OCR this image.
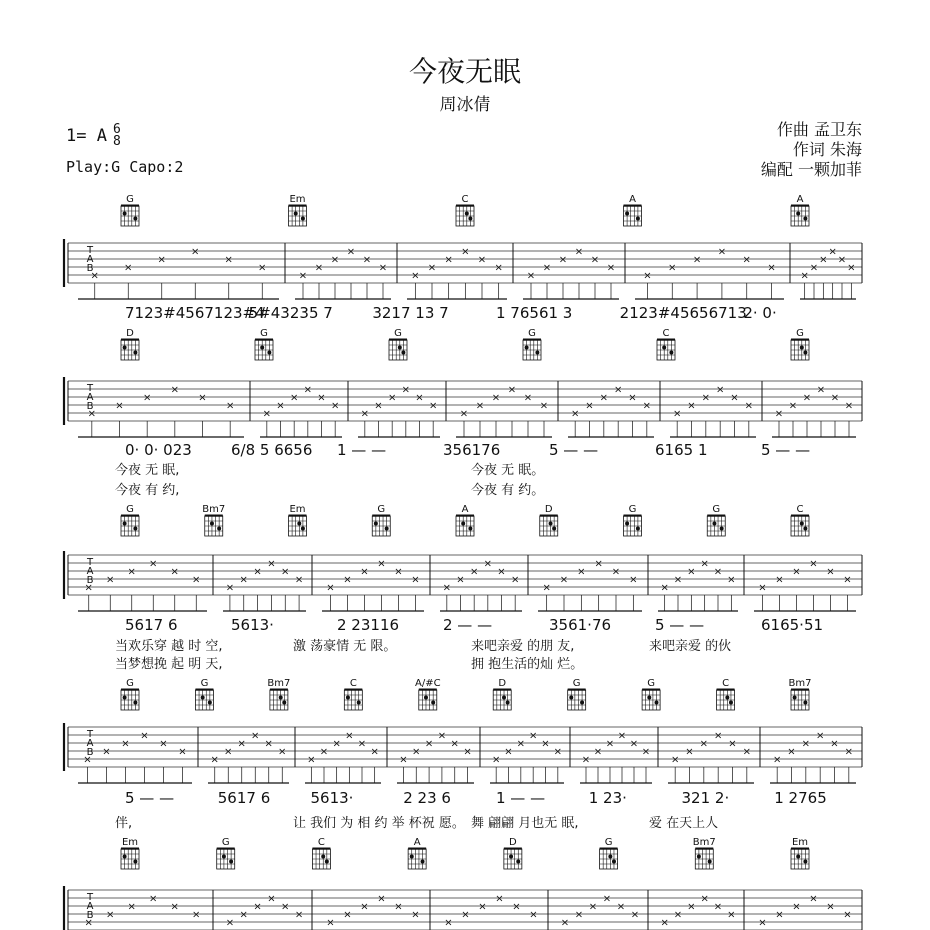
今夜无眠
周冰倩
1= A 6
8
Play:G Capo:2
作曲 孟卫东
作词 朱海
编配 一颗加菲
T
A
B
G	Em	C	A	A
×
×
×
×
×
×
×
×
×
×
×
×
×
×
×
×
×
×
×
×
×
×
×
×
×
×
×
×
×
×
×
×
×
×
×
×
7123#4567123#4
5#43235 7	3217 13 7	1 76561 3	2123#45656713
2· 0·
T
A
B
D	G	G	G	C	G
×
×
×
×
×
×
×
×
×
×
×
×
×
×
×
×
×
×
×
×
×
×
×
×
×
×
×
×
×
×
×
×
×
×
×
×
×
×
×
×
×
×
0· 0· 023	6/8 5 6656 1 — —	356176	5 — —	6165 1	5 — —
今夜 无 眠,	今夜 无 眠。
今夜 有 约,	今夜 有 约。
T
A
B
G	Bm7	Em	G	A	D	G	G	C
×
×
×
×
×
×
×
×
×
×
×
×
×
×
×
×
×
×
×
×
×
×
×
×
×
×
×
×
×
×
×
×
×
×
×
×
×
×
×
×
×
×
5617 6	5613·	2 23116	2 — —	3561·76	5 — —	6165·51
当欢乐穿 越 时 空,	激 荡豪情 无 限。	来吧亲爱 的朋 友,	来吧亲爱 的伙
当梦想挽 起 明 天,	拥 抱生活的灿 烂。
T
A
B
G	G	Bm7	C	A/#C	D	G	G	C	Bm7
×
×
×
×
×
×
×
×
×
×
×
×
×
×
×
×
×
×
×
×
×
×
×
×
×
×
×
×
×
×
×
×
×
×
×
×
×
×
×
×
×
×
×
×
×
×
×
×
5 — —	5617 6	5613·	2 23 6	1 — —	1 23·	321 2·	1 2765
伴,	让 我们 为 相 约 举 杯祝 愿。 舞 翩翩 月也无 眠,	爱 在天上人
T
A
B
Em	G	C	A	D	G	Bm7	Em
×
×
×
×
×
×
×
×
×
×
×
×
×
×
×
×
×
×
×
×
×
×
×
×
×
×
×
×
×
×
×
×
×
×
×
×
×
×
×
×
×
×
